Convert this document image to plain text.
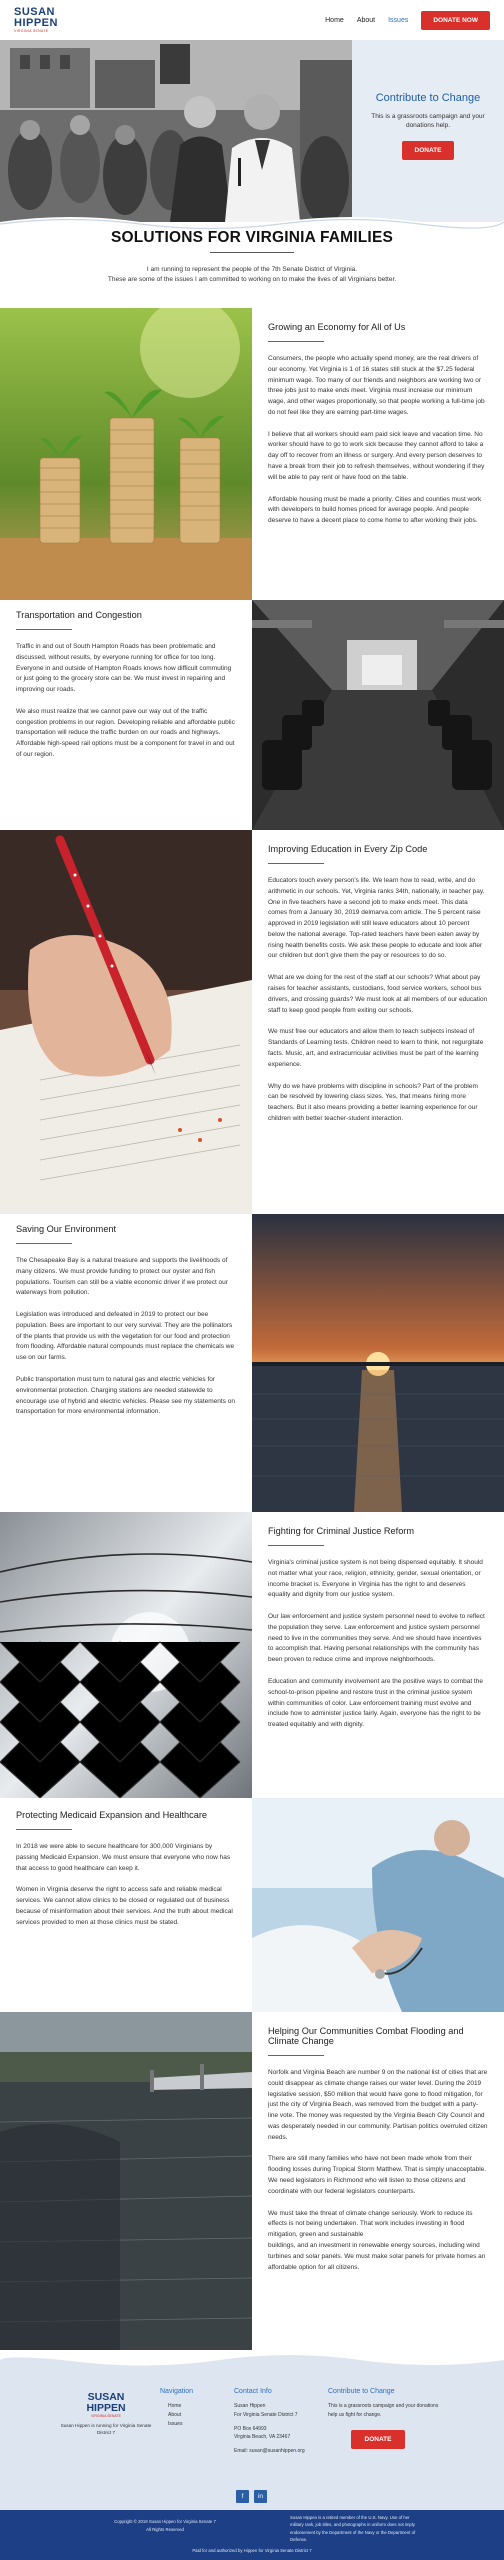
SUSAN
HIPPEN
VIRGINIA SENATE
Home About Issues	DONATE NOW
Contribute to Change

This is a grassroots campaign and your donations help.

DONATE
SOLUTIONS FOR VIRGINIA FAMILIES

I am running to represent the people of the 7th Senate District of Virginia.

These are some of the issues I am committed to working on to make the lives of all Virginians better.

Growing an Economy for All of Us

Consumers, the people who actually spend money, are the real drivers of our economy. Yet Virginia is 1 of 16 states still stuck at the $7.25 federal minimum wage. Too many of our friends and neighbors are working two or three jobs just to make ends meet. Virginia must increase our minimum wage, and other wages proportionally, so that people working a full-time job do not feel like they are earning part-time wages.

I believe that all workers should earn paid sick leave and vacation time. No worker should have to go to work sick because they cannot afford to take a day off to recover from an illness or surgery. And every person deserves to have a break from their job to refresh themselves, without wondering if they will be able to pay rent or have food on the table.

Affordable housing must be made a priority. Cities and counties must work with developers to build homes priced for average people. And people deserve to have a decent place to come home to after working their jobs.

Transportation and Congestion

Traffic in and out of South Hampton Roads has been problematic and discussed, without results, by everyone running for office for too long. Everyone in and outside of Hampton Roads knows how difficult commuting or just going to the grocery store can be. We must invest in repairing and improving our roads.

We also must realize that we cannot pave our way out of the traffic congestion problems in our region. Developing reliable and affordable public transportation will reduce the traffic burden on our roads and highways. Affordable high-speed rail options must be a component for travel in and out of our region.

Improving Education in Every Zip Code

Educators touch every person's life. We learn how to read, write, and do arithmetic in our schools. Yet, Virginia ranks 34th, nationally, in teacher pay. One in five teachers have a second job to make ends meet. This data comes from a January 30, 2019 delmarva.com article. The 5 percent raise approved in 2019 legislation will still leave educators about 10 percent below the national average. Top-rated teachers have been eaten away by rising health benefits costs. We ask these people to educate and look after our children but don't give them the pay or resources to do so.

What are we doing for the rest of the staff at our schools? What about pay raises for teacher assistants, custodians, food service workers, school bus drivers, and crossing guards? We must look at all members of our education staff to keep good people from exiting our schools.

We must free our educators and allow them to teach subjects instead of Standards of Learning tests. Children need to learn to think, not regurgitate facts. Music, art, and extracurricular activities must be part of the learning experience.

Why do we have problems with discipline in schools? Part of the problem can be resolved by lowering class sizes. Yes, that means hiring more teachers. But it also means providing a better learning experience for our children with better teacher-student interaction.

Saving Our Environment

The Chesapeake Bay is a natural treasure and supports the livelihoods of many citizens. We must provide funding to protect our oyster and fish populations. Tourism can still be a viable economic driver if we protect our waterways from pollution.

Legislation was introduced and defeated in 2019 to protect our bee population. Bees are important to our very survival. They are the pollinators of the plants that provide us with the vegetation for our food and protection from flooding. Affordable natural compounds must replace the chemicals we use on our farms.

Public transportation must turn to natural gas and electric vehicles for environmental protection. Charging stations are needed statewide to encourage use of hybrid and electric vehicles. Please see my statements on transportation for more environmental information.

Fighting for Criminal Justice Reform

Virginia's criminal justice system is not being dispensed equitably. It should not matter what your race, religion, ethnicity, gender, sexual orientation, or income bracket is. Everyone in Virginia has the right to and deserves equality and dignity from our justice system.

Our law enforcement and justice system personnel need to evolve to reflect the population they serve. Law enforcement and justice system personnel need to live in the communities they serve. And we should have incentives to accomplish that. Having personal relationships with the community has been proven to reduce crime and improve neighborhoods.

Education and community involvement are the positive ways to combat the school-to-prison pipeline and restore trust in the criminal justice system within communities of color. Law enforcement training must evolve and include how to administer justice fairly. Again, everyone has the right to be treated equitably and with dignity.

Protecting Medicaid Expansion and Healthcare

In 2018 we were able to secure healthcare for 300,000 Virginians by passing Medicaid Expansion. We must ensure that everyone who now has that access to good healthcare can keep it.

Women in Virginia deserve the right to access safe and reliable medical services. We cannot allow clinics to be closed or regulated out of business because of misinformation about their services. And the truth about medical services provided to men at those clinics must be stated.

Helping Our Communities Combat Flooding and Climate Change

Norfolk and Virginia Beach are number 9 on the national list of cities that are could disappear as climate change raises our water level. During the 2019 legislative session, $50 million that would have gone to flood mitigation, for just the city of Virginia Beach, was removed from the budget with a party-line vote. The money was requested by the Virginia Beach City Council and was desperately needed in our community. Partisan politics overruled citizen needs.

There are still many families who have not been made whole from their flooding losses during Tropical Storm Matthew. That is simply unacceptable. We need legislators in Richmond who will listen to those citizens and coordinate with our federal legislators counterparts.

We must take the threat of climate change seriously. Work to reduce its effects is not being undertaken. That work includes investing in flood mitigation, green and sustainable

buildings, and an investment in renewable energy sources, including wind turbines and solar panels. We must make solar panels for private homes an affordable option for all citizens.

SUSAN
HIPPEN
VIRGINIA SENATE
Susan Hippen is running for Virginia Senate District 7
Navigation
Home
About
Issues
Contact Info
Susan Hippen
For Virginia Senate District 7
PO Box 64993
Virginia Beach, VA 23467
Email: susan@susanhippen.org
Contribute to Change
This is a grassroots campaign and your donations help us fight for change.
DONATE
f	in
Copyright © 2019 Susan Hippen for Virginia Senate 7
All Rights Reserved
Susan Hippen is a retired member of the U.S. Navy. Use of her military rank, job titles, and photographs in uniform does not imply endorsement by the Department of the Navy or the Department of Defense.
Paid for and authorized by Hippen for Virginia Senate District 7
